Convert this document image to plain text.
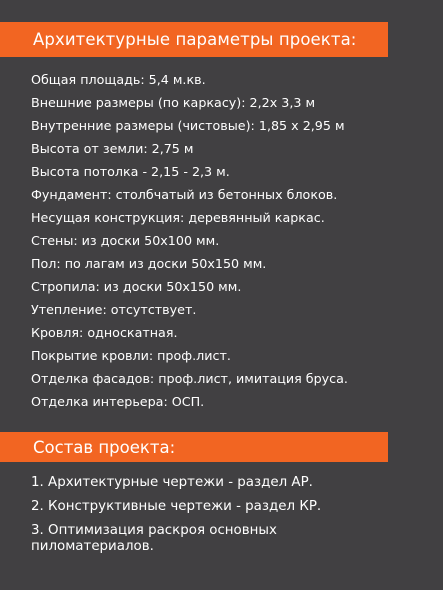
Архитектурные параметры проекта:
Общая площадь: 5,4 м.кв.
Внешние размеры (по каркасу): 2,2х 3,3 м
Внутренние размеры (чистовые): 1,85 х 2,95 м
Высота от земли: 2,75 м
Высота потолка - 2,15 - 2,3 м.
Фундамент: столбчатый из бетонных блоков.
Несущая конструкция: деревянный каркас.
Стены: из доски 50х100 мм.
Пол: по лагам из доски 50х150 мм.
Стропила: из доски 50х150 мм.
Утепление: отсутствует.
Кровля: односкатная.
Покрытие кровли: проф.лист.
Отделка фасадов: проф.лист, имитация бруса.
Отделка интерьера: ОСП.
Состав проекта:
1. Архитектурные чертежи - раздел АР.
2. Конструктивные чертежи - раздел КР.
3. Оптимизация раскроя основных пиломатериалов.
